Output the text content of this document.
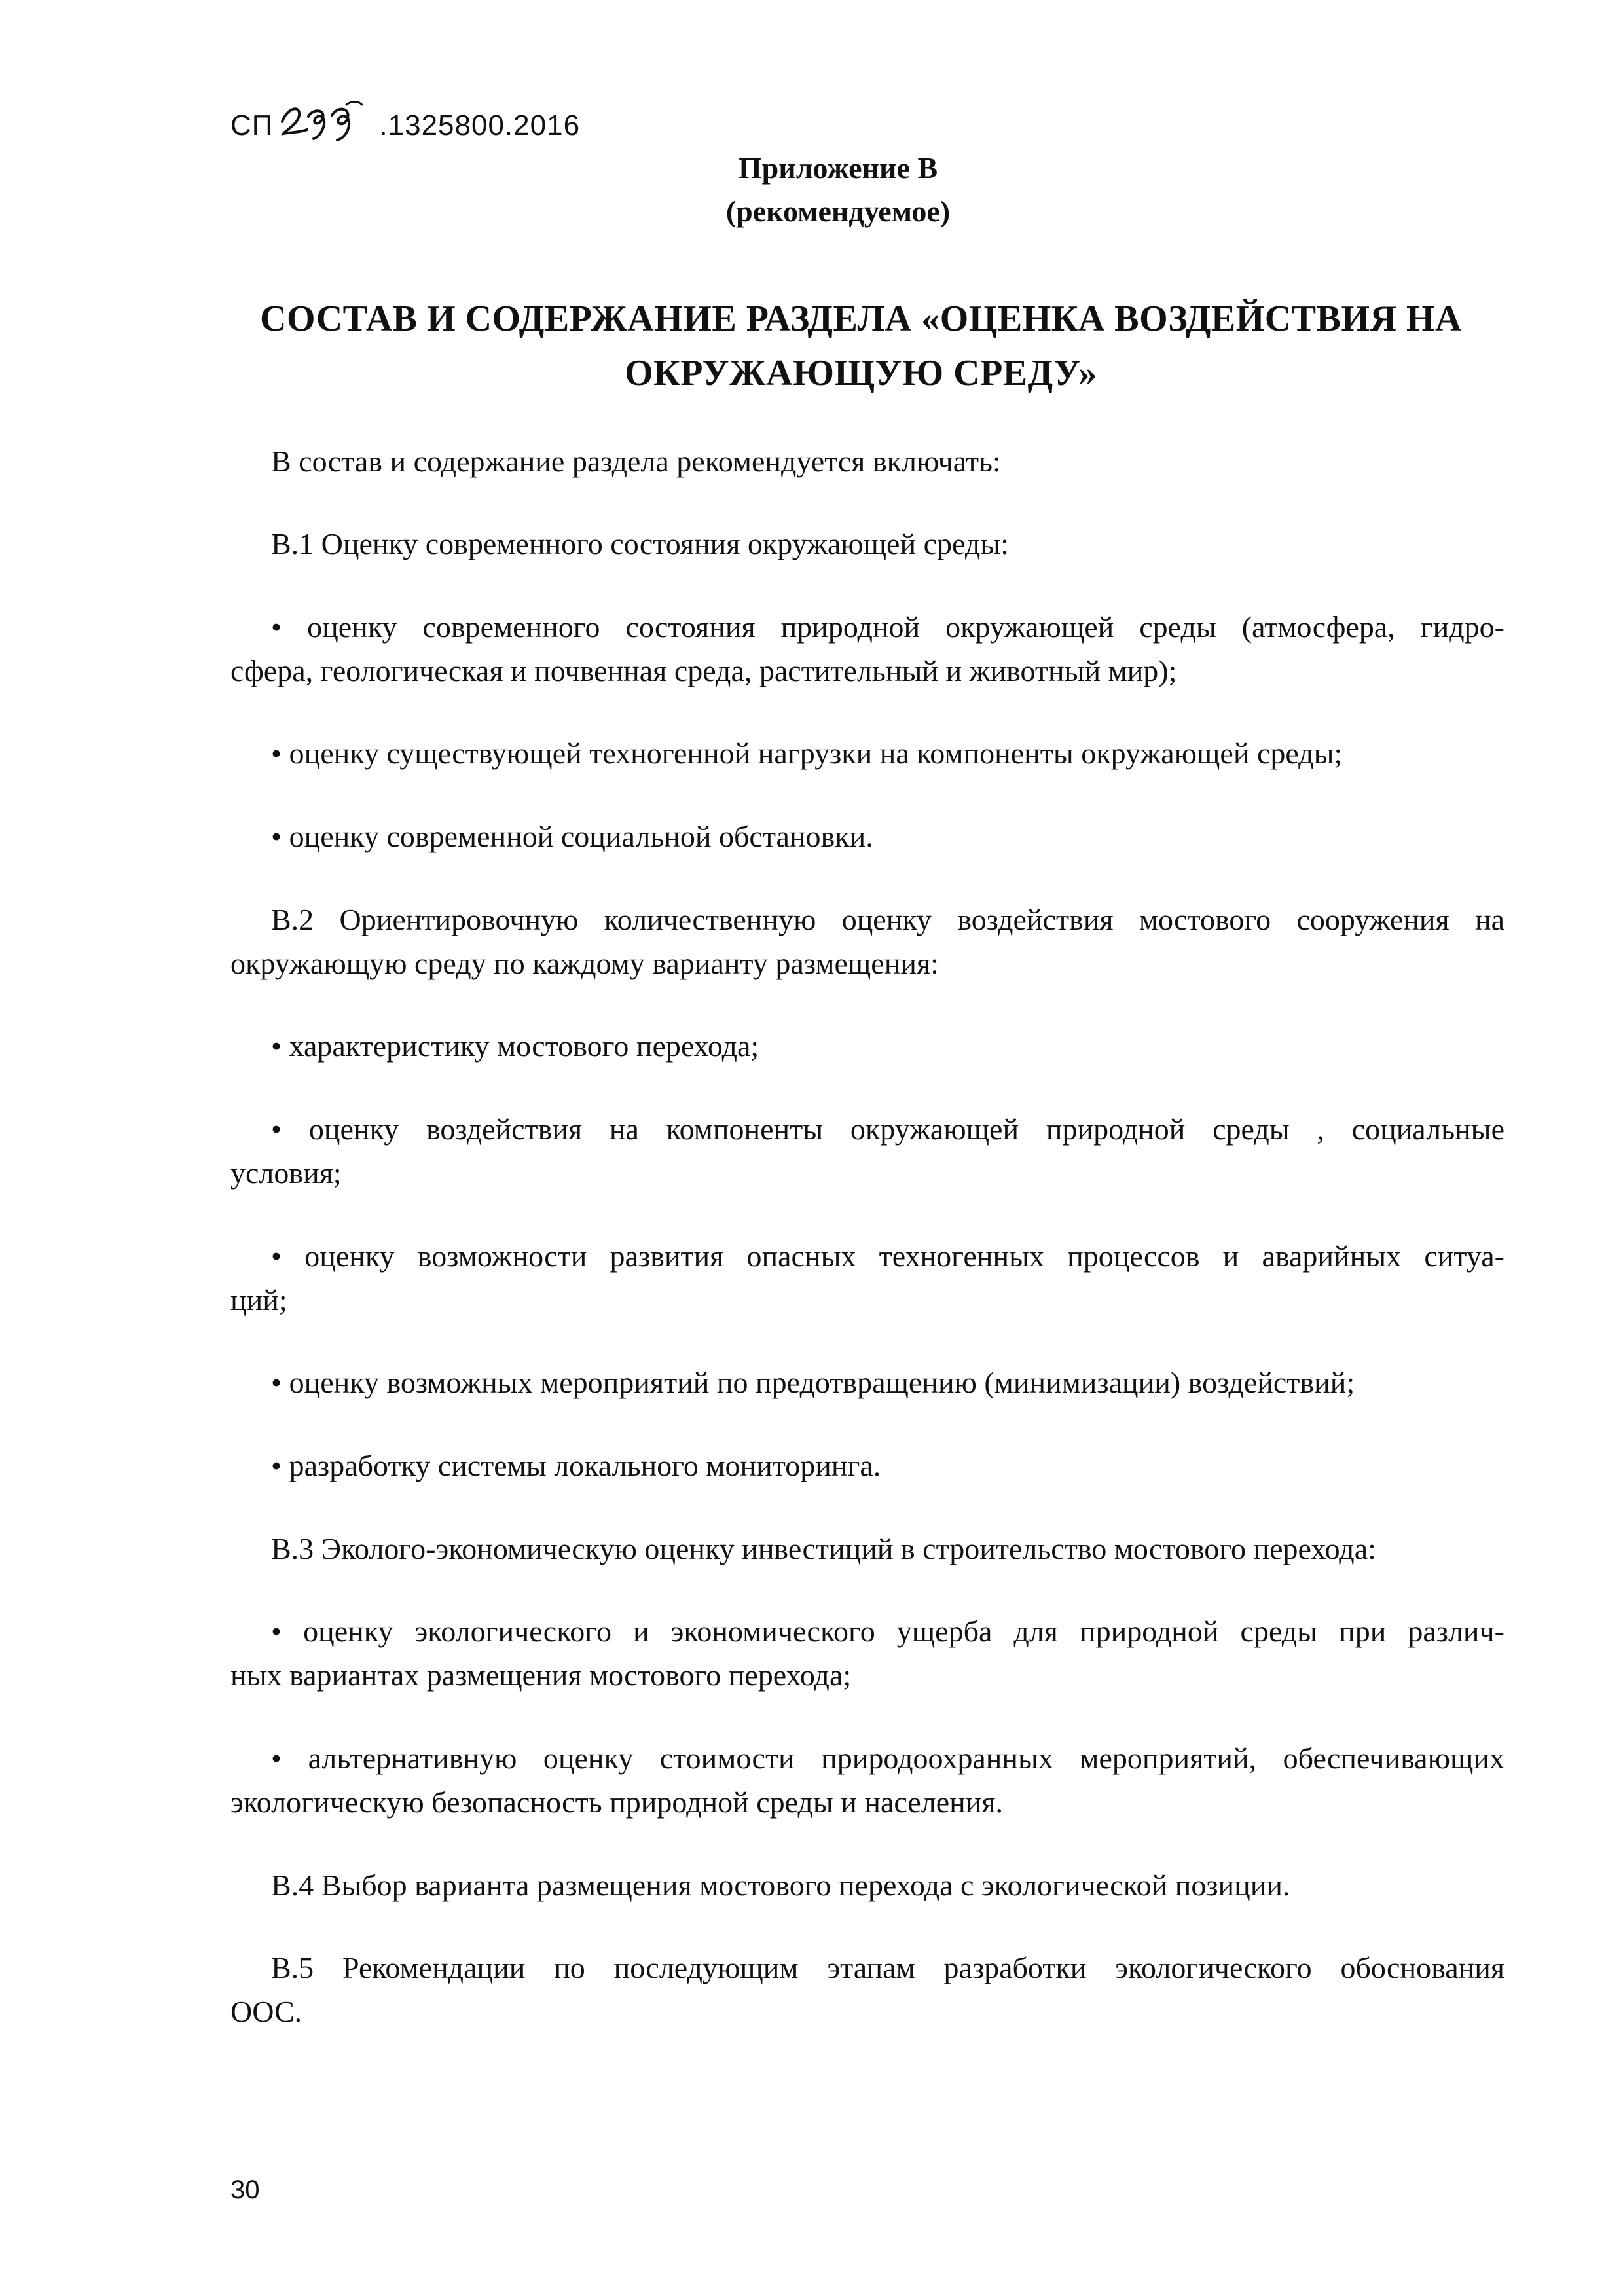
СП	.1325800.2016
Приложение В
(рекомендуемое)
СОСТАВ И СОДЕРЖАНИЕ РАЗДЕЛА «ОЦЕНКА ВОЗДЕЙСТВИЯ НА
ОКРУЖАЮЩУЮ СРЕДУ»
В состав и содержание раздела рекомендуется включать:
В.1 Оценку современного состояния окружающей среды:
• оценку современного состояния природной окружающей среды (атмосфера, гидро-
сфера, геологическая и почвенная среда, растительный и животный мир);
• оценку существующей техногенной нагрузки на компоненты окружающей среды;
• оценку современной социальной обстановки.
В.2 Ориентировочную количественную оценку воздействия мостового сооружения на
окружающую среду по каждому варианту размещения:
• характеристику мостового перехода;
• оценку воздействия на компоненты окружающей природной среды , социальные
условия;
• оценку возможности развития опасных техногенных процессов и аварийных ситуа-
ций;
• оценку возможных мероприятий по предотвращению (минимизации) воздействий;
• разработку системы локального мониторинга.
В.3 Эколого-экономическую оценку инвестиций в строительство мостового перехода:
• оценку экологического и экономического ущерба для природной среды при различ-
ных вариантах размещения мостового перехода;
• альтернативную оценку стоимости природоохранных мероприятий, обеспечивающих
экологическую безопасность природной среды и населения.
В.4 Выбор варианта размещения мостового перехода с экологической позиции.
В.5 Рекомендации по последующим этапам разработки экологического обоснования
ООС.
30
